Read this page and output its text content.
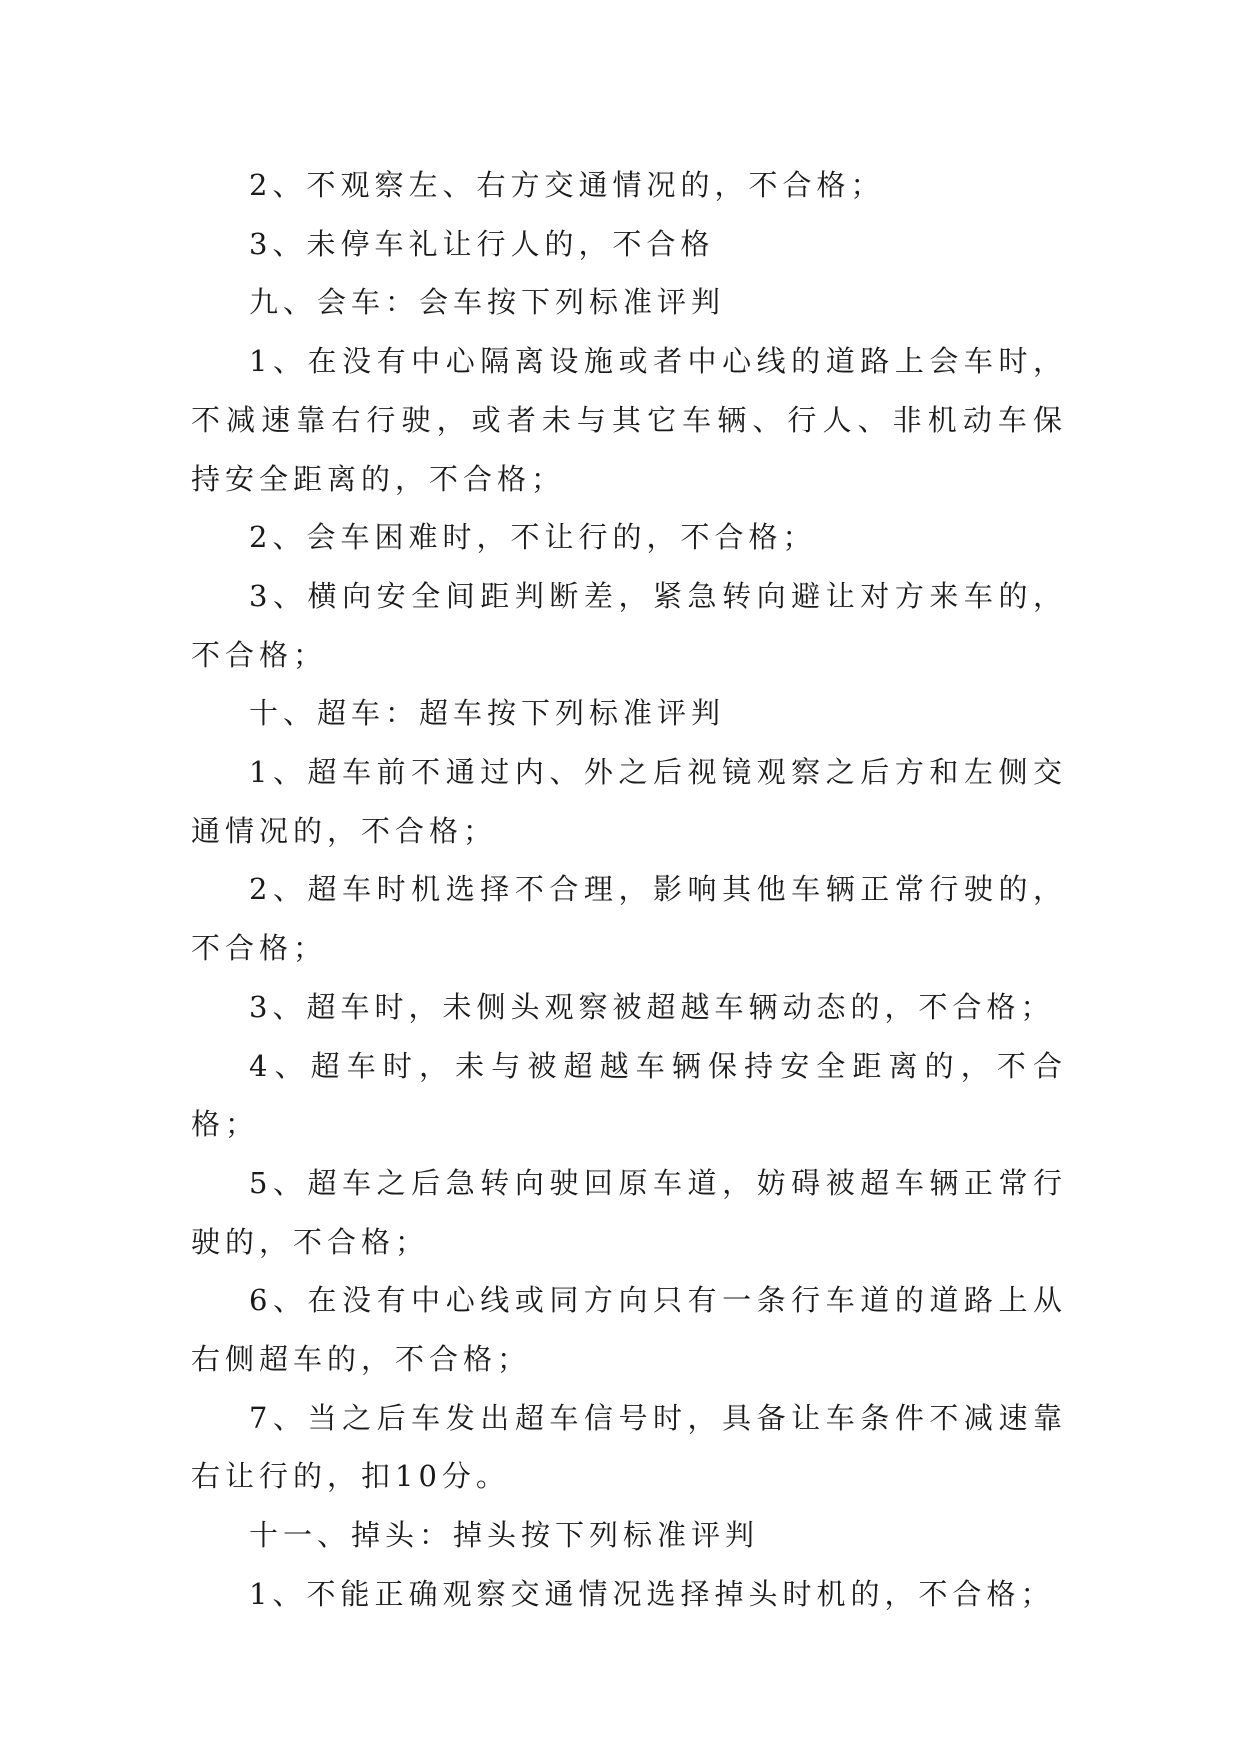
2、不观察左、右方交通情况的，不合格；

3、未停车礼让行人的，不合格

九、会车：会车按下列标准评判

1、在没有中心隔离设施或者中心线的道路上会车时，不减速靠右行驶，或者未与其它车辆、行人、非机动车保持安全距离的，不合格；

2、会车困难时，不让行的，不合格；

3、横向安全间距判断差，紧急转向避让对方来车的，不合格；

十、超车：超车按下列标准评判

1、超车前不通过内、外之后视镜观察之后方和左侧交通情况的，不合格；

2、超车时机选择不合理，影响其他车辆正常行驶的，不合格；

3、超车时，未侧头观察被超越车辆动态的，不合格；

4、超车时，未与被超越车辆保持安全距离的，不合格；

5、超车之后急转向驶回原车道，妨碍被超车辆正常行驶的，不合格；

6、在没有中心线或同方向只有一条行车道的道路上从右侧超车的，不合格；

7、当之后车发出超车信号时，具备让车条件不减速靠右让行的，扣10分。

十一、掉头：掉头按下列标准评判

1、不能正确观察交通情况选择掉头时机的，不合格；
